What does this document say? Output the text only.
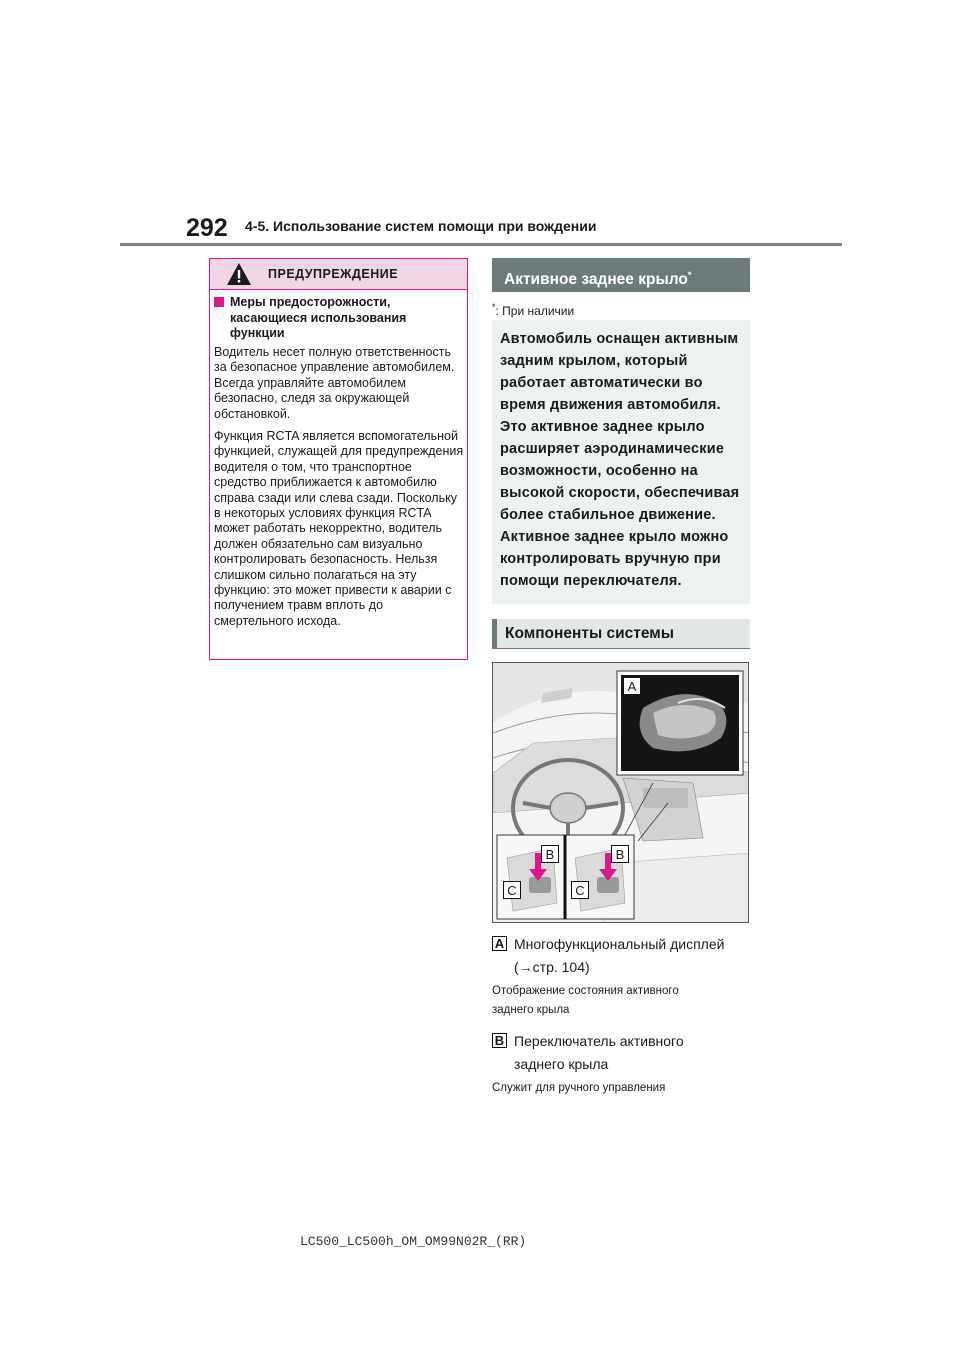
292 4-5. Использование систем помощи при вождении
ПРЕДУПРЕЖДЕНИЕ
Меры предосторожности, касающиеся использования функции
Водитель несет полную ответственность за безопасное управление автомобилем. Всегда управляйте автомобилем безопасно, следя за окружающей обстановкой.
Функция RCTA является вспомогательной функцией, служащей для предупреждения водителя о том, что транспортное средство приближается к автомобилю справа сзади или слева сзади. Поскольку в некоторых условиях функция RCTA может работать некорректно, водитель должен обязательно сам визуально контролировать безопасность. Нельзя слишком сильно полагаться на эту функцию: это может привести к аварии с получением травм вплоть до смертельного исхода.
Активное заднее крыло*
*: При наличии
Автомобиль оснащен активным задним крылом, который работает автоматически во время движения автомобиля. Это активное заднее крыло расширяет аэродинамические возможности, особенно на высокой скорости, обеспечивая более стабильное движение.
Активное заднее крыло можно контролировать вручную при помощи переключателя.
Компоненты системы
A
B	B
C	C
A Многофункциональный дисплей
(→стр. 104)
Отображение состояния активного
заднего крыла
B Переключатель активного
заднего крыла
Служит для ручного управления
LC500_LC500h_OM_OM99N02R_(RR)
